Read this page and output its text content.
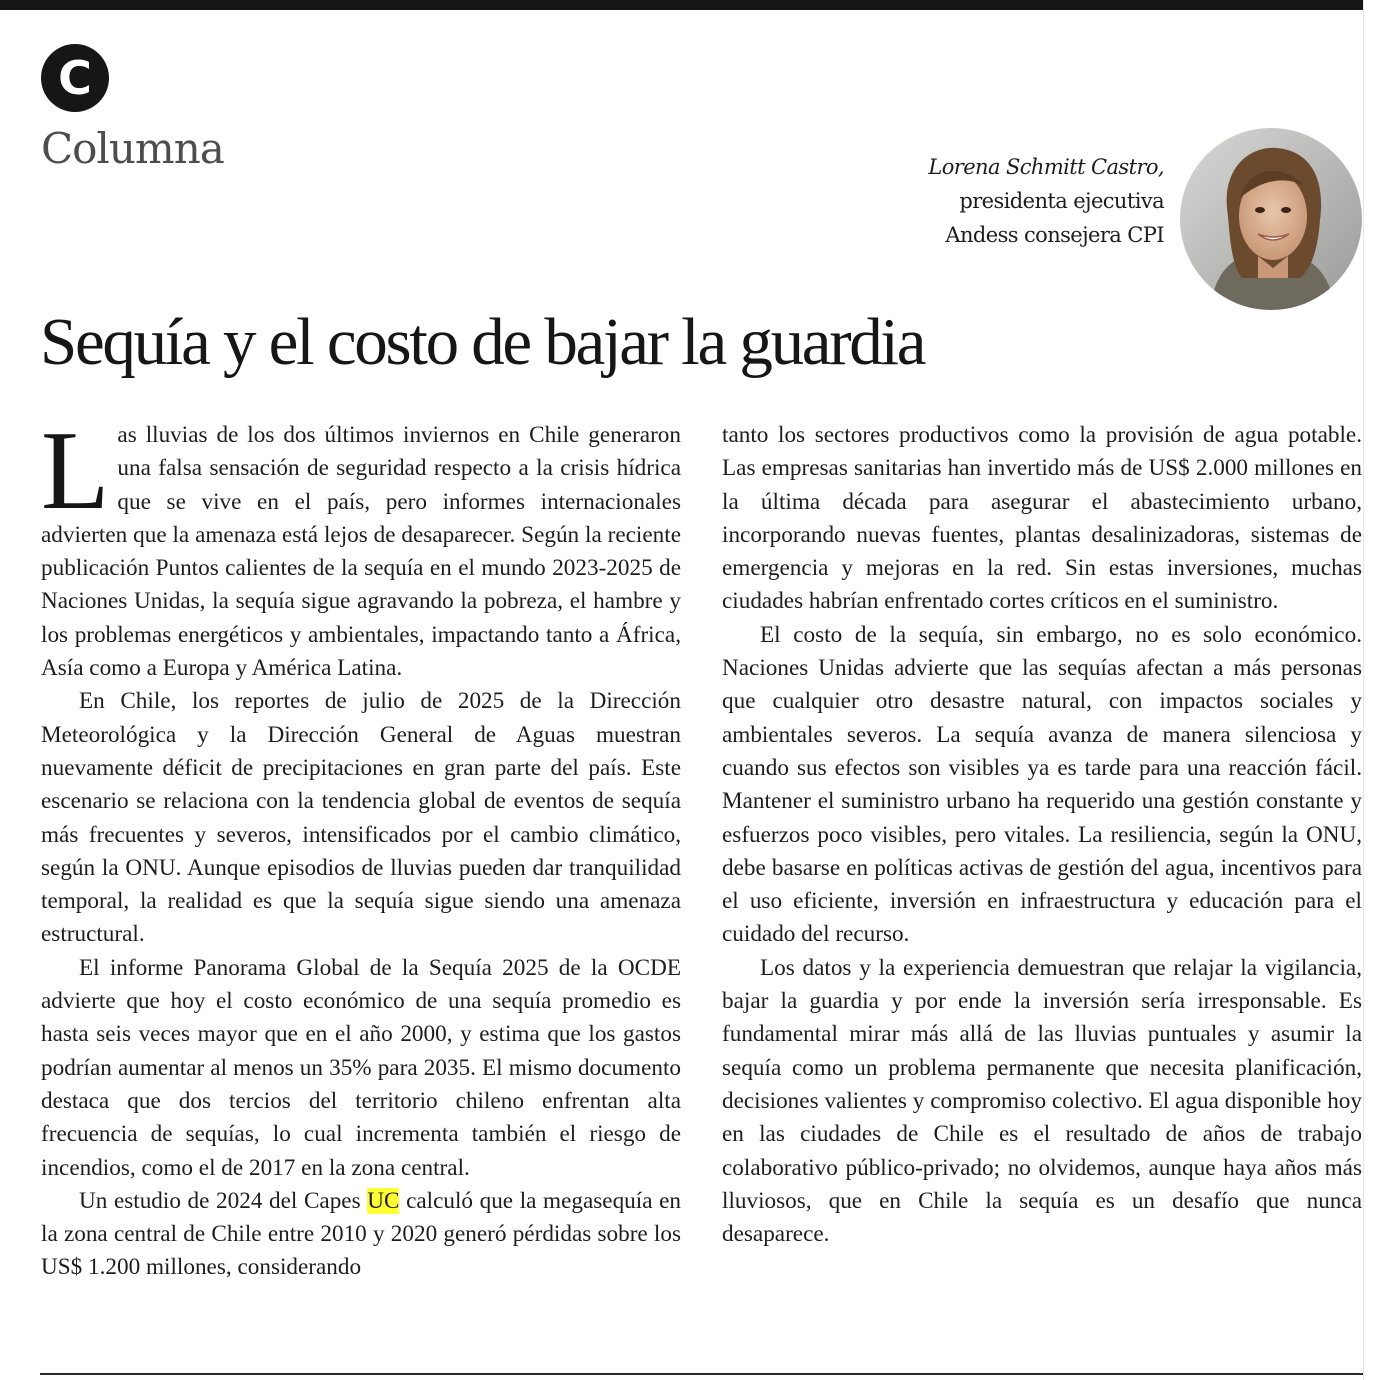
C
Columna	Lorena Schmitt Castro,
presidenta ejecutiva
Andess consejera CPI
Sequía y el costo de bajar la guardia

Las lluvias de los dos últimos inviernos en Chile generaron una falsa sensación de seguridad respecto a la crisis hídrica que se vive en el país, pero informes internacionales advierten que la amenaza está lejos de desaparecer. Según la reciente publicación Puntos calientes de la sequía en el mundo 2023-2025 de Naciones Unidas, la sequía sigue agravando la pobreza, el hambre y los problemas energéticos y ambientales, impactando tanto a África, Asía como a Europa y América Latina.

En Chile, los reportes de julio de 2025 de la Dirección Meteorológica y la Dirección General de Aguas muestran nuevamente déficit de precipitaciones en gran parte del país. Este escenario se relaciona con la tendencia global de eventos de sequía más frecuentes y severos, intensificados por el cambio climático, según la ONU. Aunque episodios de lluvias pueden dar tranquilidad temporal, la realidad es que la sequía sigue siendo una amenaza estructural.

El informe Panorama Global de la Sequía 2025 de la OCDE advierte que hoy el costo económico de una sequía promedio es hasta seis veces mayor que en el año 2000, y estima que los gastos podrían aumentar al menos un 35% para 2035. El mismo documento destaca que dos tercios del territorio chileno enfrentan alta frecuencia de sequías, lo cual incrementa también el riesgo de incendios, como el de 2017 en la zona central.

Un estudio de 2024 del Capes UC calculó que la megasequía en la zona central de Chile entre 2010 y 2020 generó pérdidas sobre los US$ 1.200 millones, considerando

tanto los sectores productivos como la provisión de agua potable. Las empresas sanitarias han invertido más de US$ 2.000 millones en la última década para asegurar el abastecimiento urbano, incorporando nuevas fuentes, plantas desalinizadoras, sistemas de emergencia y mejoras en la red. Sin estas inversiones, muchas ciudades habrían enfrentado cortes críticos en el suministro.

El costo de la sequía, sin embargo, no es solo económico. Naciones Unidas advierte que las sequías afectan a más personas que cualquier otro desastre natural, con impactos sociales y ambientales severos. La sequía avanza de manera silenciosa y cuando sus efectos son visibles ya es tarde para una reacción fácil. Mantener el suministro urbano ha requerido una gestión constante y esfuerzos poco visibles, pero vitales. La resiliencia, según la ONU, debe basarse en políticas activas de gestión del agua, incentivos para el uso eficiente, inversión en infraestructura y educación para el cuidado del recurso.

Los datos y la experiencia demuestran que relajar la vigilancia, bajar la guardia y por ende la inversión sería irresponsable. Es fundamental mirar más allá de las lluvias puntuales y asumir la sequía como un problema permanente que necesita planificación, decisiones valientes y compromiso colectivo. El agua disponible hoy en las ciudades de Chile es el resultado de años de trabajo colaborativo público-privado; no olvidemos, aunque haya años más lluviosos, que en Chile la sequía es un desafío que nunca desaparece.
